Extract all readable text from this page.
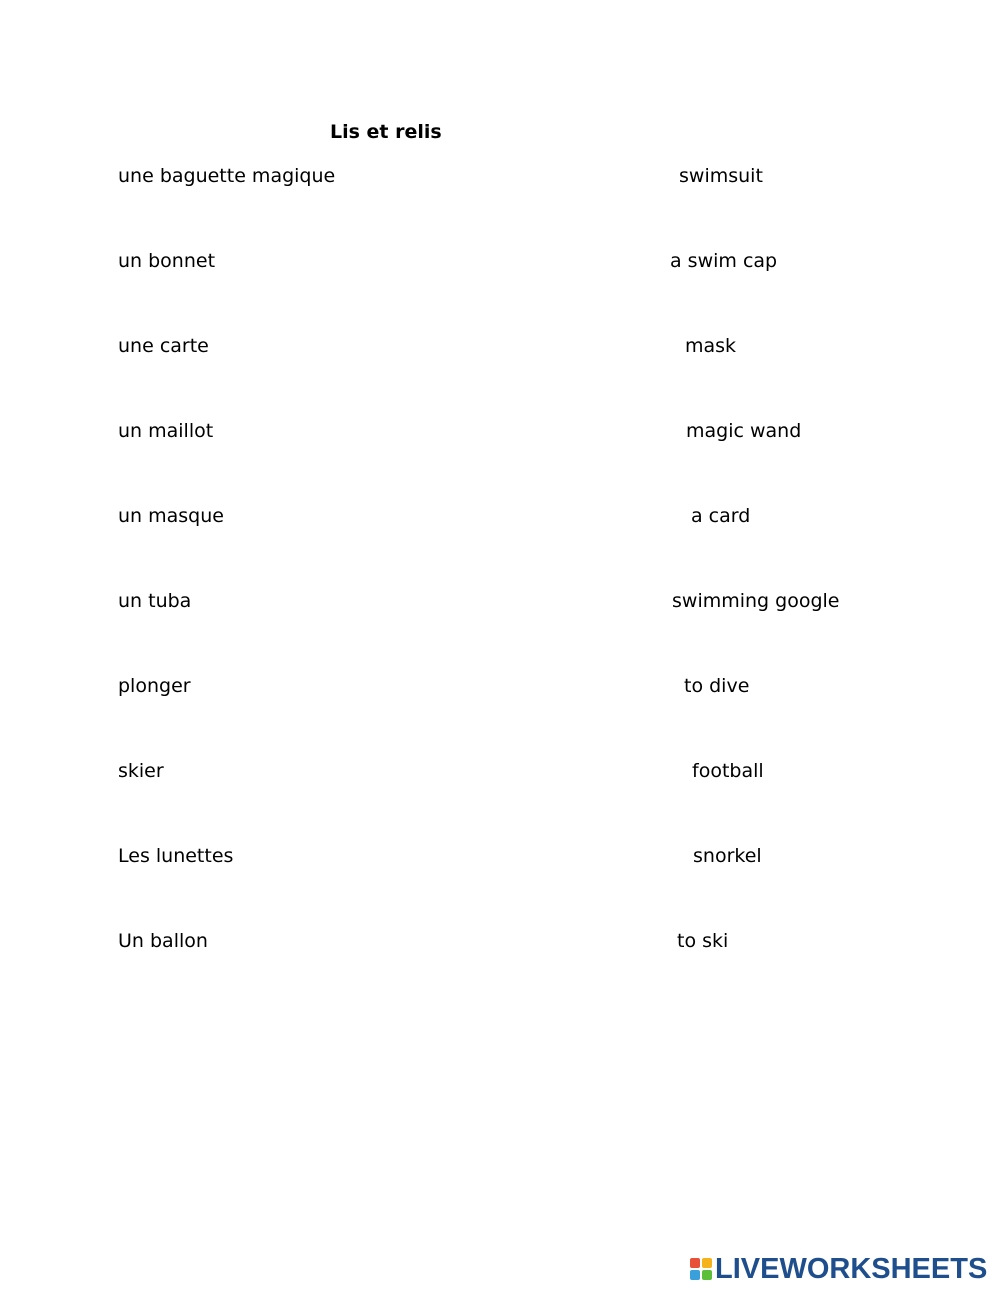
Lis et relis
une baguette magique
un bonnet
une carte
un maillot
un masque
un tuba
plonger
skier
Les lunettes
Un ballon
swimsuit
a swim cap
mask
magic wand
a card
swimming google
to dive
football
snorkel
to ski
LIVEWORKSHEETS
